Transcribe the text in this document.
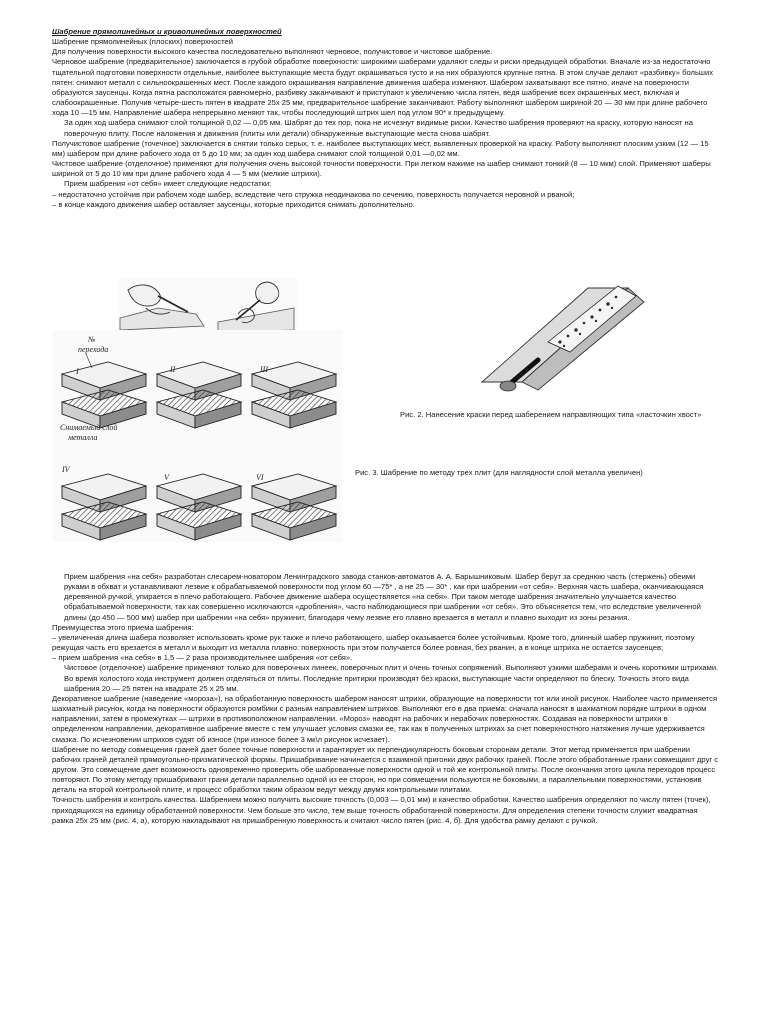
Шабрение прямолинейных и криволинейных поверхностей

Шабрение прямолинейных (плоских) поверхностей

Для получения поверхности высокого качества последовательно выполняют черновое, получистовое и чистовое шабрение.

Черновое шабрение (предварительное) заключается в грубой обработке поверхности: широкими шаберами удаляют следы и риски предыдущей обработки. Вначале из-за недостаточно тщательной подготовки поверхности отдельные, наиболее выступающие места будут окрашиваться густо и на них образуются крупные пятна. В этом случае делают «разбивку» больших пятен: снимают металл с сильноокрашенных мест. После каждого окрашивания направление движения шабера изменяют. Шабером захватывают все пятно, иначе на поверхности образуются заусенцы. Когда пятна расположатся равномерно, разбивку заканчивают и приступают к увеличению числа пятен, ведя шабрение всех окрашенных мест, включая и слабоокрашенные. Получив четыре-шесть пятен в квадрате 25х 25 мм, предварительное шабрение заканчивают. Работу выполняют шабером шириной 20 — 30 мм при длине рабочего хода 10 —15 мм. Направление шабера непрерывно меняют так, чтобы последующий штрих шел под углом 90* к предыдущему.

За один ход шабера снимают слой толщиной 0,02 — 0,05 мм. Шабрят до тех пор, пока не исчезнут видимые риски. Качество шабрения проверяют на краску, которую наносят на поверочную плиту. После наложения и движения (плиты или детали) обнаруженные выступающие места снова шабрят.

Получистовое шабрение (точечное) заключается в снятии только серых, т. е. наиболее выступающих мест, выявленных проверкой на краску. Работу выполняют плоским узким (12 — 15 мм) шабером при длине рабочего хода от 5 до 10 мм; за один ход шабера снимают слой толщиной 0,01 —0,02 мм.

Чистовое шабрение (отделочное) применяют для получения очень высокой точности поверхности. При легком нажиме на шабер снимают тонкий (8 — 10 мкм) слой. Применяют шаберы шириной от 5 до 10 мм при длине рабочего хода 4 — 5 мм (мелкие штрихи).

Прием шабрения «от себя» имеет следующие недостатки:

– недостаточно устойчив при рабочем ходе шабер, вследствие чего стружка неодинакова по сечению, поверхность получается неровной и рваной;

– в конце каждого движения шабер оставляет заусенцы, которые приходится снимать дополнительно.

Рис. 2. Нанесение краски перед шаберением направляющих типа «ласточкин хвост»

№
перехода
I	II	III
Снимаемый слой
металла
IV
V	VI

Рис. 3. Шабрение по методу трех плит (для наглядности слой металла увеличен)

Прием шабрения «на себя» разработан слесарем-новатором Ленинградского завода станков-автоматов А. А. Барышниковым. Шабер берут за среднюю часть (стержень) обеими руками в обхват и устанавливают лезвие к обрабатываемой поверхности под углом 60 —75* , а не 25 — 30* , как при шабрении «от себя». Верхняя часть шабера, оканчивающаяся деревянной ручкой, упирается в плечо работающего. Рабочее движение шабера осуществляется «на себя». При таком методе шабрения значительно улучшается качество обрабатываемой поверхности, так как совершенно исключаются «дробления», часто наблюдающиеся при шабрении «от себя». Это объясняется тем, что вследствие увеличенной длины (до 450 — 500 мм) шабер при шабрении «на себя» пружинит, благодаря чему лезвие его плавно врезается в металл и плавно выходит из зоны резания.

Преимущества этого приема шабрения:

– увеличенная длина шабера позволяет использовать кроме рук также и плечо работающего, шабер оказывается более устойчивым. Кроме того, длинный шабер пружинит, поэтому режущая часть его врезается в металл и выходит из металла плавно: поверхность при этом получается более ровная, без рванин, а в конце штриха не остается заусенцев;

– прием шабрения «на себя» в 1,5 — 2 раза производительнее шабрения «от себя».

Чистовое (отделочное) шабрение применяют только для поверочных линеек, поверочных плит и очень точных сопряжений. Выполняют узкими шаберами и очень короткими штрихами. Во время холостого хода инструмент должен отделяться от плиты. Последние притирки производят без краски, выступающие части определяют по блеску. Точность этого вида шабрения 20 — 25 пятен на квадрате 25 х 25 мм.

Декоративное шабрение (наведение «мороза»), на обработанную поверхность шабером наносят штрихи, образующие на поверхности тот или иной рисунок. Наиболее часто применяется шахматный рисунок, когда на поверхности образуются ромбики с разным направлением штрихов. Выполняют его в два приема: сначала наносят в шахматном порядке штрихи в одном направлении, затем в промежутках — штрихи в противоположном направлении. «Мороз» наводят на рабочих и нерабочих поверхностях. Создавая на поверхности штрихи в определенном направлении, декоративное шабрение вместе с тем улучшает условия смазки ее, так как в полученных штрихах за счет поверхностного натяжения лучше удерживается смазка. По исчезновении штрихов судят об износе (при износе более 3 мк\л рисунок исчезает).

Шабрение по методу совмещения граней дает более точные поверхности и гарантирует их перпендикулярность боковым сторонам детали. Этот метод применяется при шабрении рабочих граней деталей прямоугольно-призматической формы. Пришабривание начинается с взаимной пригонки двух рабочих граней. После этого обработанные грани совмещают друг с другом. Это совмещение дает возможность одновременно проверить обе шаброванные поверхности одной и той же контрольной плиты. После окончания этого цикла переходов процесс повторяют. По этому методу пришабривают грани детали параллельно одной из ее сторон, но при совмещении пользуются не боковыми, а параллельными поверхностями, установив деталь на второй контрольной плите, и процесс обработки таким образом ведут между двумя контрольными плитами.

Точность шабрения и контроль качества. Шабрением можно получить высокие точность (0,003 — 0,01 мм) и качество обработки. Качество шабрения определяют по числу пятен (точек), приходящихся на единицу обработанной поверхности. Чем больше это число, тем выше точность обработанной поверхности. Для определения степени точности служит квадратная рамка 25х 25 мм (рис. 4, а), которую накладывают на пришабренную поверхность и считают число пятен (рис. 4, б). Для удобства рамку делают с ручкой.
